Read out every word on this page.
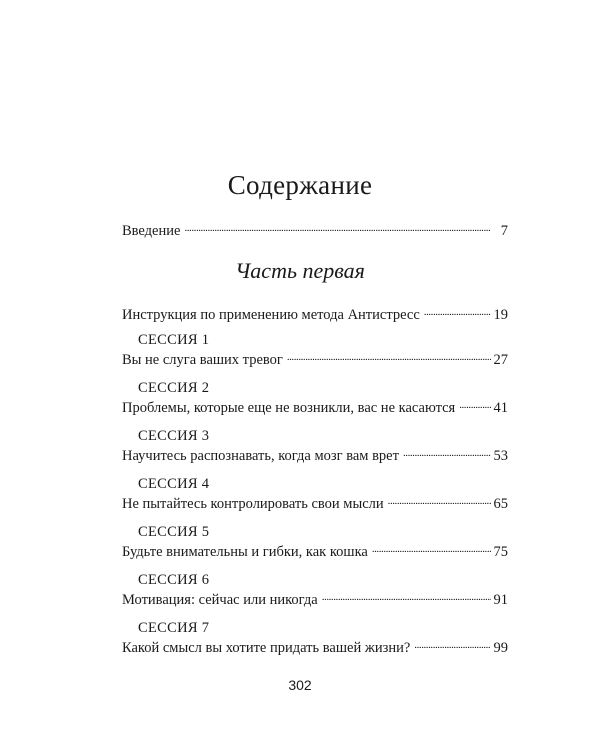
Содержание
Введение . . .	7
Часть первая
Инструкция по применению метода Антистресс . . .	19
СЕССИЯ 1
Вы не слуга ваших тревог . . .	27
СЕССИЯ 2
Проблемы, которые еще не возникли, вас не касаются . . .	41
СЕССИЯ 3
Научитесь распознавать, когда мозг вам врет . . .	53
СЕССИЯ 4
Не пытайтесь контролировать свои мысли . . .	65
СЕССИЯ 5
Будьте внимательны и гибки, как кошка . . .	75
СЕССИЯ 6
Мотивация: сейчас или никогда . . .	91
СЕССИЯ 7
Какой смысл вы хотите придать вашей жизни? . . .	99
302
